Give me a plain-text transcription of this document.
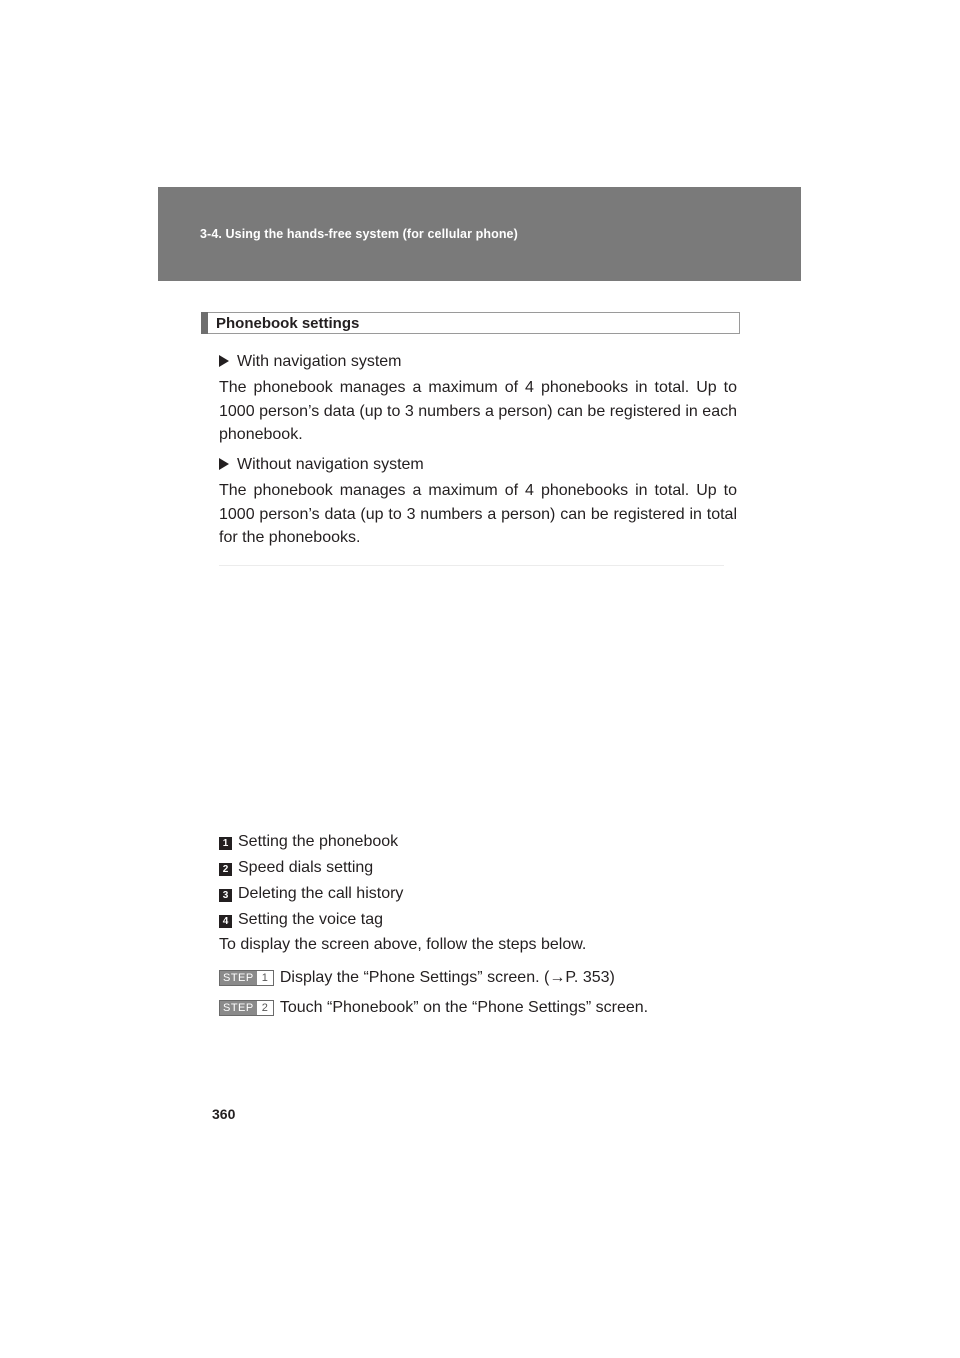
3-4. Using the hands-free system (for cellular phone)
Phonebook settings
With navigation system
The phonebook manages a maximum of 4 phonebooks in total. Up to 1000 person’s data (up to 3 numbers a person) can be registered in each phonebook.
Without navigation system
The phonebook manages a maximum of 4 phonebooks in total. Up to 1000 person’s data (up to 3 numbers a person) can be registered in total for the phonebooks.
1 Setting the phonebook
2 Speed dials setting
3 Deleting the call history
4 Setting the voice tag
To display the screen above, follow the steps below.
STEP 1 Display the “Phone Settings” screen. (→P. 353)
STEP 2 Touch “Phonebook” on the “Phone Settings” screen.
360
